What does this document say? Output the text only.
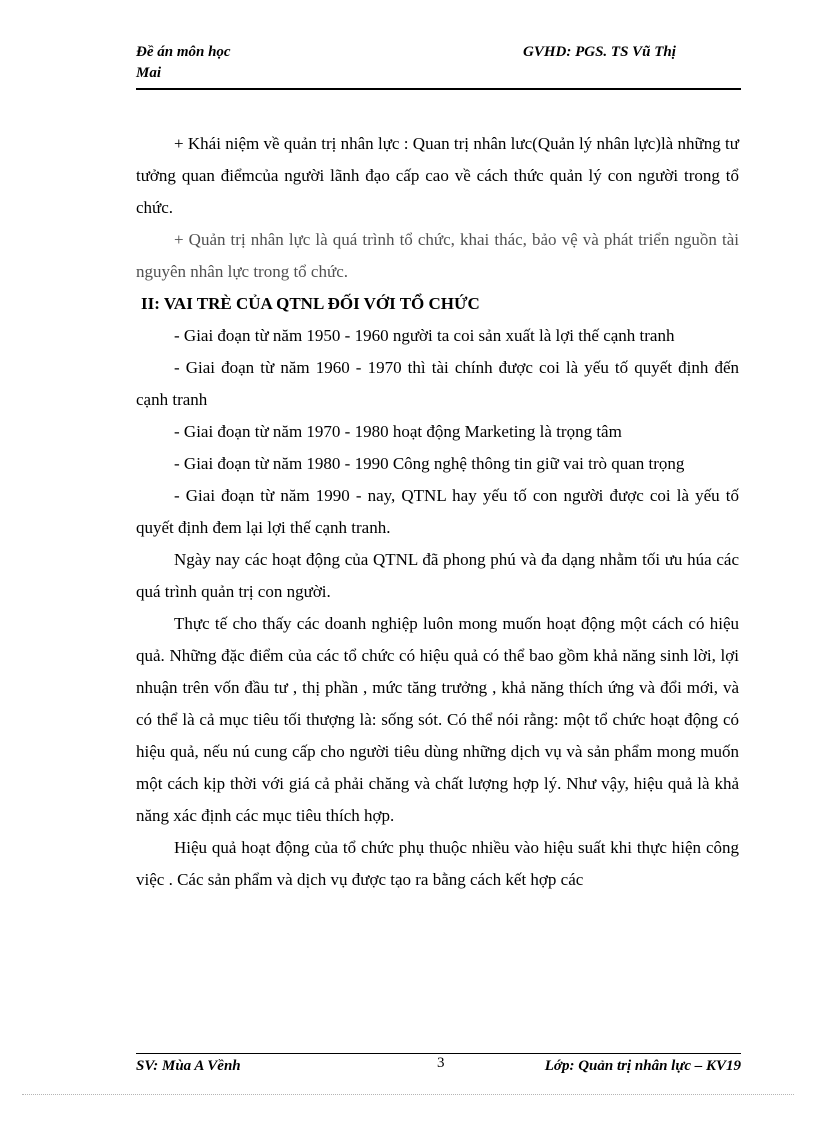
Đề án môn học
Mai
GVHD: PGS. TS Vũ Thị

+ Khái niệm về quản trị nhân lực : Quan trị nhân lưc(Quản lý nhân lực)là những tư tưởng quan điểmcủa người lãnh đạo cấp cao về cách thức quản lý con người trong tổ chức.

+ Quản trị nhân lực là quá trình tổ chức, khai thác, bảo vệ và phát triển nguồn tài nguyên nhân lực trong tổ chức.

II: VAI TRÈ CỦA QTNL ĐỐI VỚI TỔ CHỨC

- Giai đoạn từ năm 1950 - 1960 người ta coi sản xuất là lợi thế cạnh tranh

- Giai đoạn từ năm 1960 - 1970 thì tài chính được coi là yếu tố quyết định đến cạnh tranh

- Giai đoạn từ năm 1970 - 1980 hoạt động Marketing là trọng tâm

- Giai đoạn từ năm 1980 - 1990 Công nghệ thông tin giữ vai trò quan trọng

- Giai đoạn từ năm 1990 - nay, QTNL hay yếu tố con người được coi là yếu tố quyết định đem lại lợi thế cạnh tranh.

Ngày nay các hoạt động của QTNL đã phong phú và đa dạng nhằm tối ưu húa các quá trình quản trị con người.

Thực tế cho thấy các doanh nghiệp luôn mong muốn hoạt động một cách có hiệu quả. Những đặc điểm của các tổ chức có hiệu quả có thể bao gồm khả năng sinh lời, lợi nhuận trên vốn đầu tư , thị phần , mức tăng trưởng , khả năng thích ứng và đổi mới, và có thể là cả mục tiêu tối thượng là: sống sót. Có thể nói rằng: một tổ chức hoạt động có hiệu quả, nếu nú cung cấp cho người tiêu dùng những dịch vụ và sản phẩm mong muốn một cách kịp thời với giá cả phải chăng và chất lượng hợp lý. Như vậy, hiệu quả là khả năng xác định các mục tiêu thích hợp.

Hiệu quả hoạt động của tổ chức phụ thuộc nhiều vào hiệu suất khi thực hiện công việc . Các sản phẩm và dịch vụ được tạo ra bằng cách kết hợp các

SV: Mùa A Vềnh	3	Lớp: Quản trị nhân lực – KV19
